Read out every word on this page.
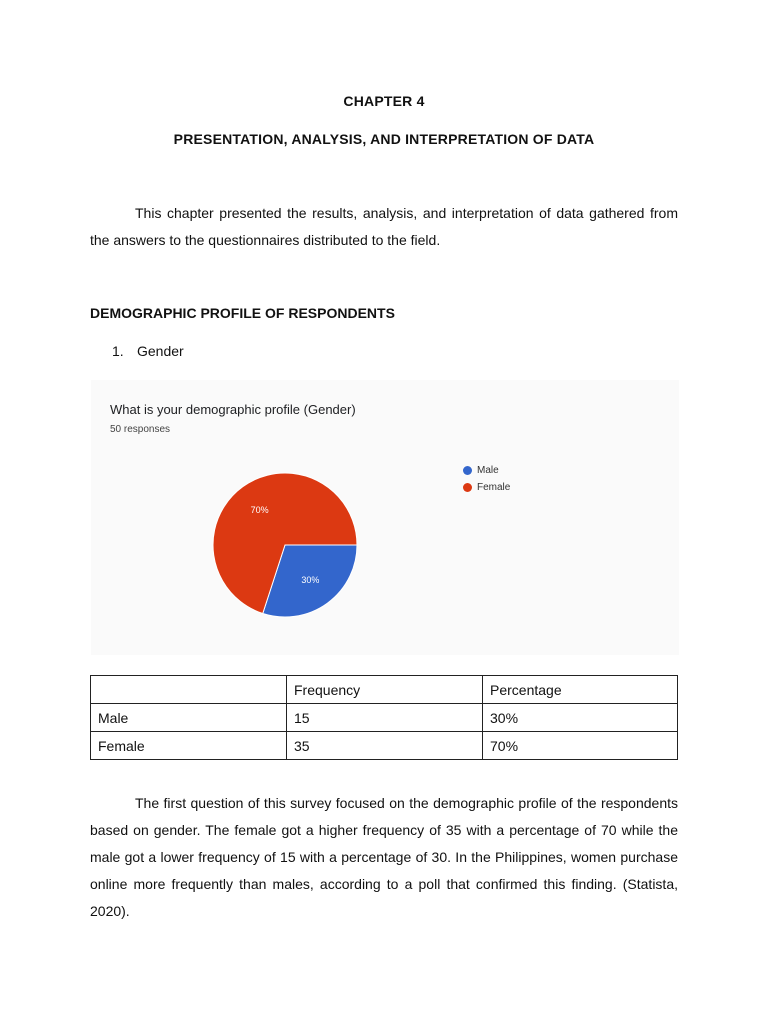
CHAPTER 4
PRESENTATION, ANALYSIS, AND INTERPRETATION OF DATA

This chapter presented the results, analysis, and interpretation of data gathered from the answers to the questionnaires distributed to the field.

DEMOGRAPHIC PROFILE OF RESPONDENTS
1. Gender
What is your demographic profile (Gender)
50 responses
30%
70%
Male
Female
	Frequency	Percentage
Male	15	30%
Female	35	70%

The first question of this survey focused on the demographic profile of the respondents based on gender. The female got a higher frequency of 35 with a percentage of 70 while the male got a lower frequency of 15 with a percentage of 30. In the Philippines, women purchase online more frequently than males, according to a poll that confirmed this finding. (Statista, 2020).
